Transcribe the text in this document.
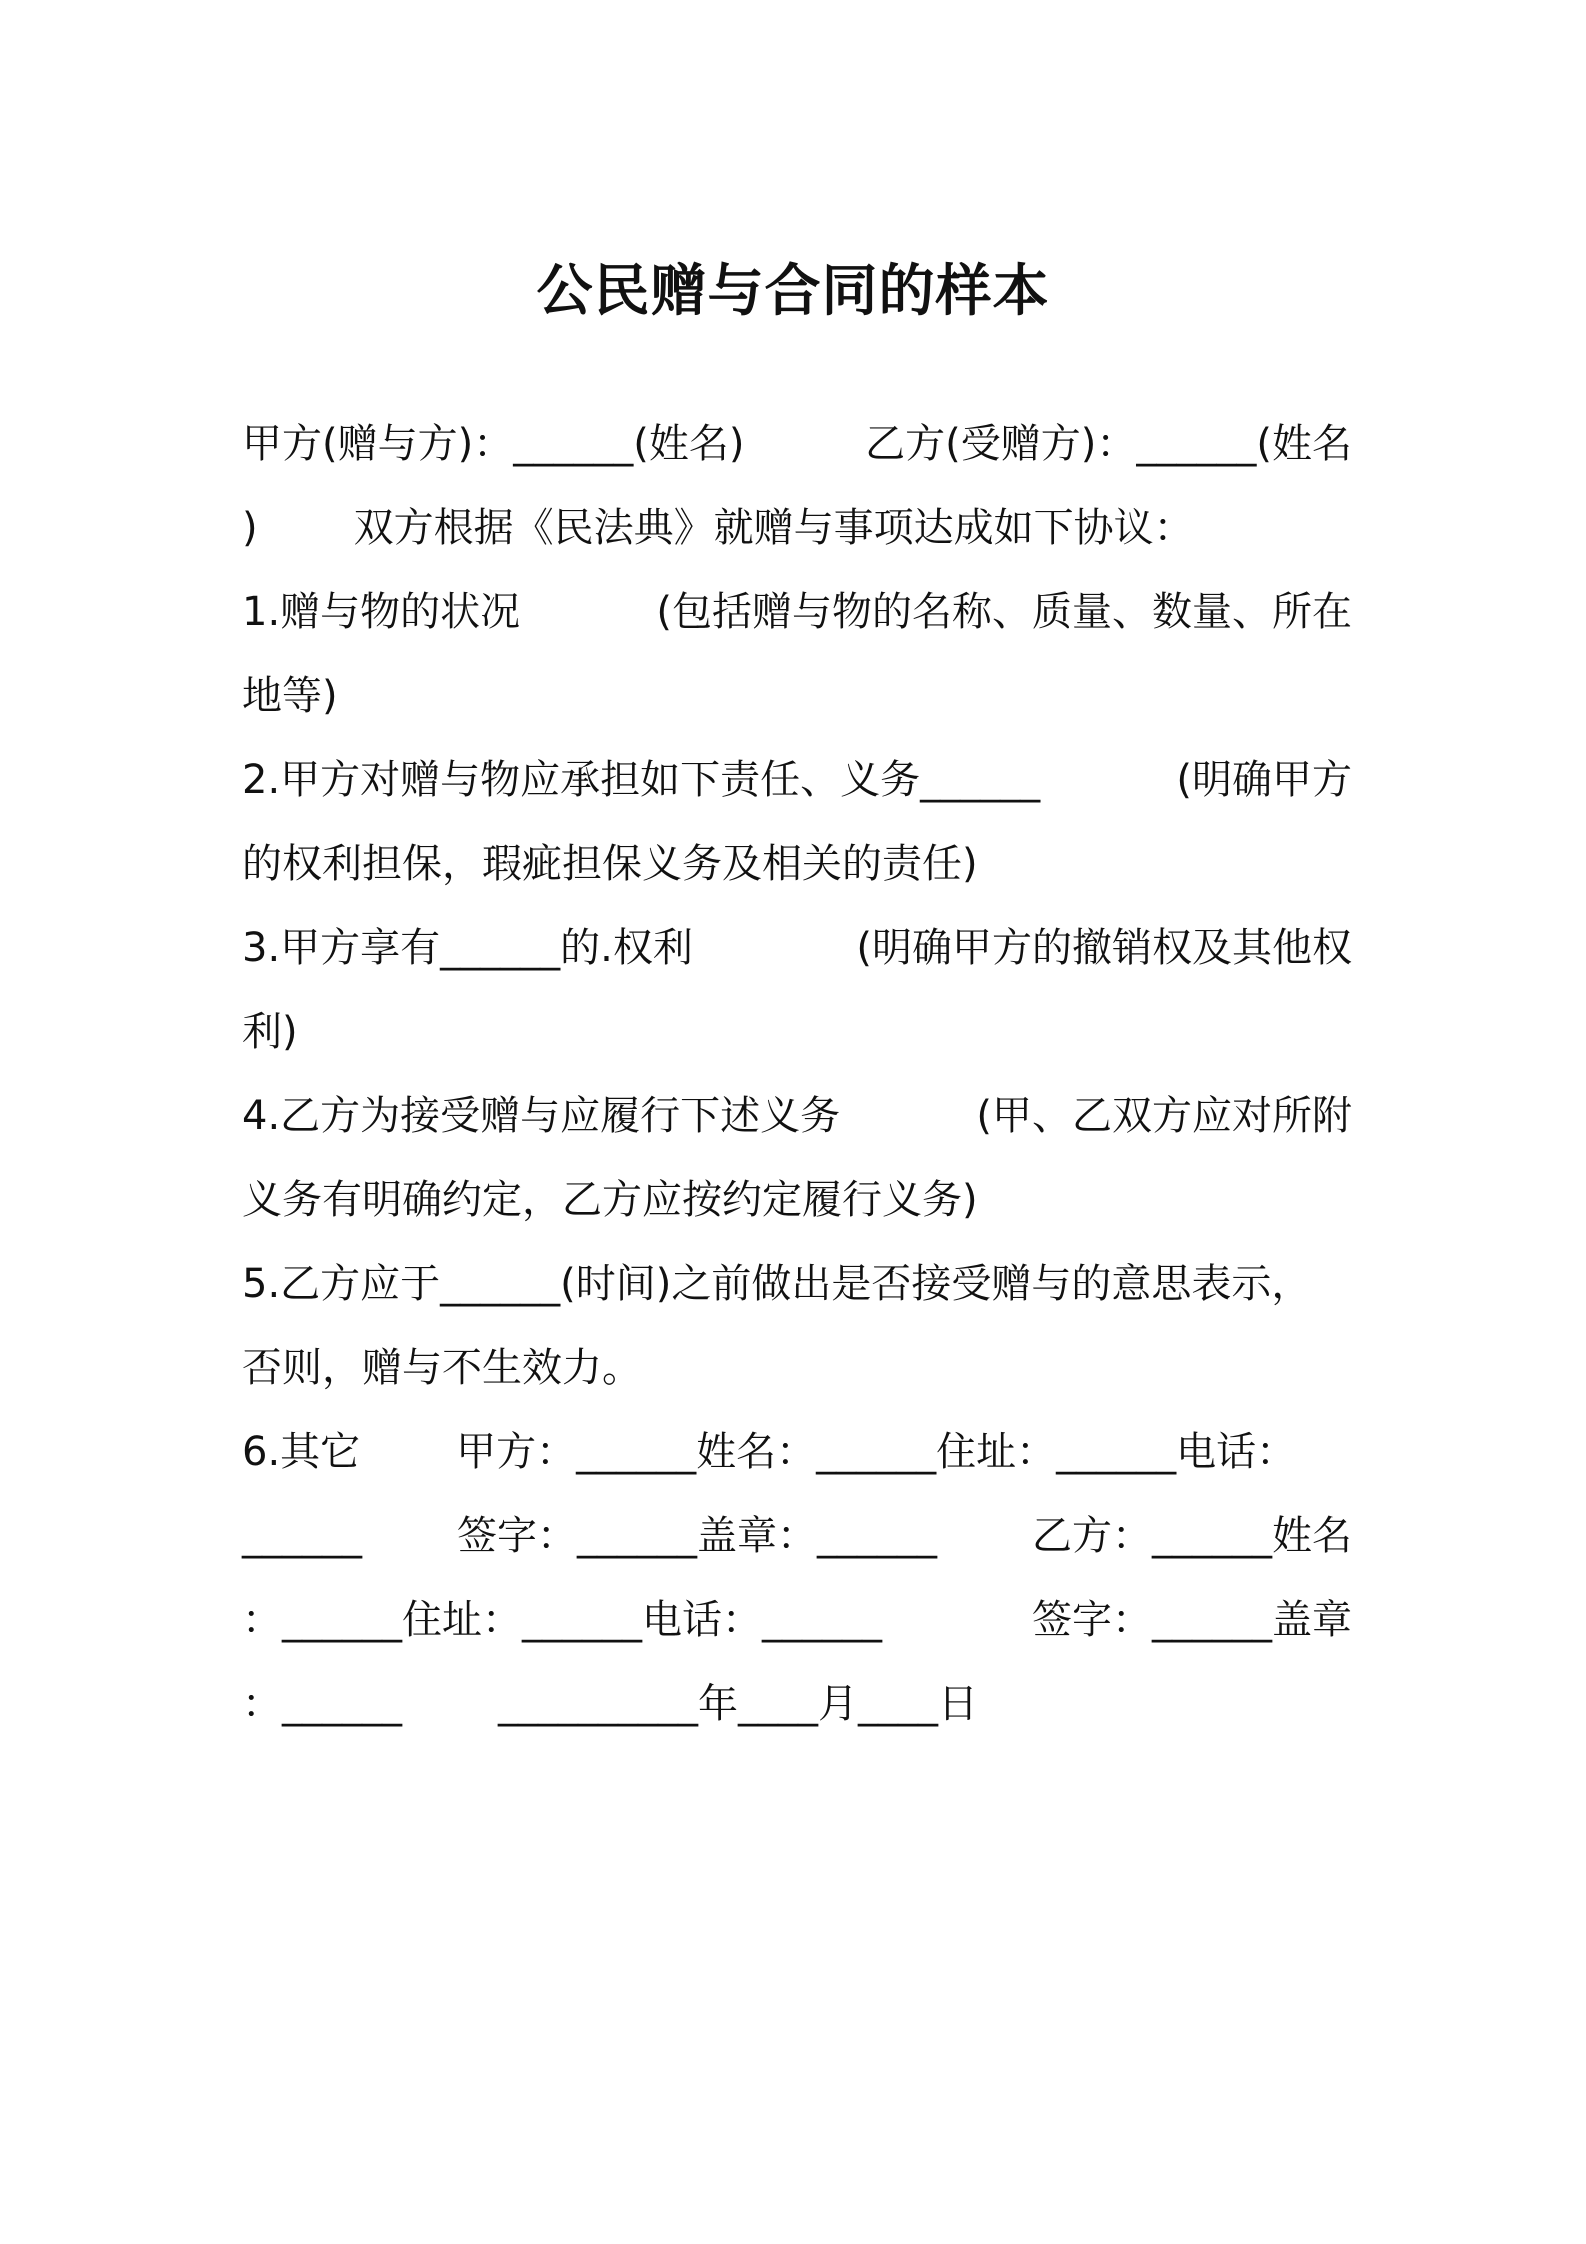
公民赠与合同的样本
甲方(赠与方)：______(姓名)	乙方(受赠方)：______(姓名
) 双方根据《民法典》就赠与事项达成如下协议：
1.赠与物的状况	(包括赠与物的名称、质量、数量、所在
地等)
2.甲方对赠与物应承担如下责任、义务______	(明确甲方
的权利担保，瑕疵担保义务及相关的责任)
3.甲方享有______的.权利	(明确甲方的撤销权及其他权
利)
4.乙方为接受赠与应履行下述义务	(甲、乙双方应对所附
义务有明确约定，乙方应按约定履行义务)
5.乙方应于______(时间)之前做出是否接受赠与的意思表示，
否则，赠与不生效力。
6.其它 甲方：______姓名：______住址：______电话：
______ 签字：______盖章：______ 乙方：______姓名
：______住址：______电话：______	签字：______盖章
：______ __________年____月____日
